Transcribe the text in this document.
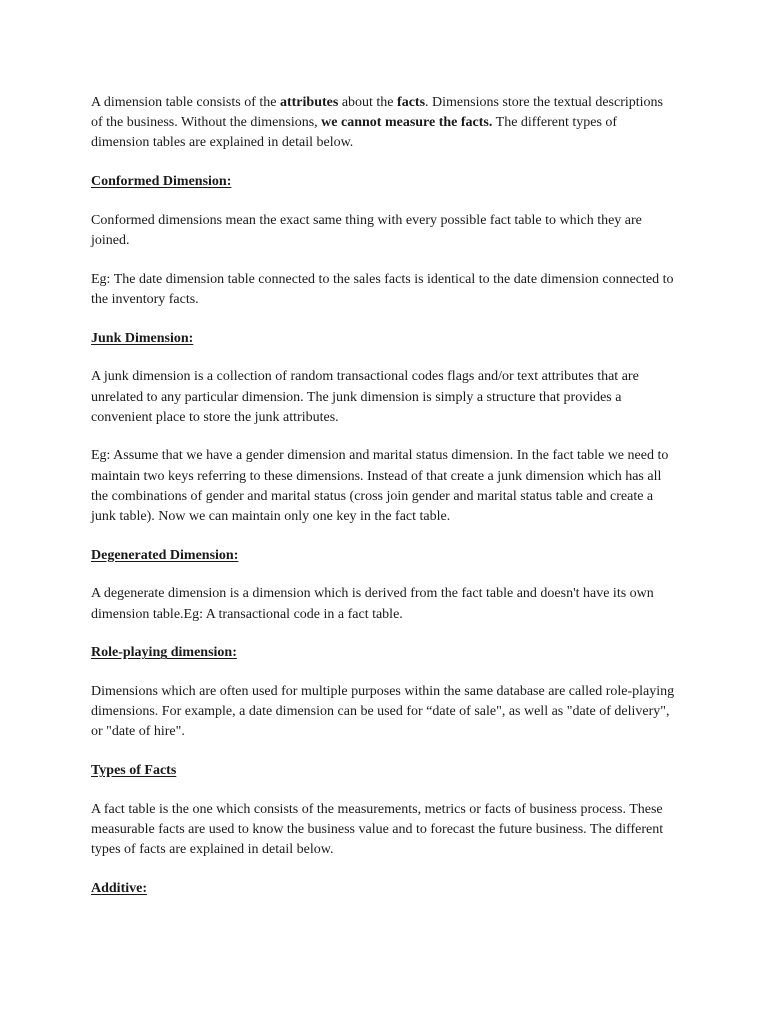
A dimension table consists of the attributes about the facts. Dimensions store the textual descriptions of the business. Without the dimensions, we cannot measure the facts. The different types of dimension tables are explained in detail below.

Conformed Dimension:

Conformed dimensions mean the exact same thing with every possible fact table to which they are joined.

Eg: The date dimension table connected to the sales facts is identical to the date dimension connected to the inventory facts.

Junk Dimension:

A junk dimension is a collection of random transactional codes flags and/or text attributes that are unrelated to any particular dimension. The junk dimension is simply a structure that provides a convenient place to store the junk attributes.

Eg: Assume that we have a gender dimension and marital status dimension. In the fact table we need to maintain two keys referring to these dimensions. Instead of that create a junk dimension which has all the combinations of gender and marital status (cross join gender and marital status table and create a junk table). Now we can maintain only one key in the fact table.

Degenerated Dimension:

A degenerate dimension is a dimension which is derived from the fact table and doesn't have its own dimension table.Eg: A transactional code in a fact table.

Role-playing dimension:

Dimensions which are often used for multiple purposes within the same database are called role-playing dimensions. For example, a date dimension can be used for “date of sale", as well as "date of delivery", or "date of hire".

Types of Facts

A fact table is the one which consists of the measurements, metrics or facts of business process. These measurable facts are used to know the business value and to forecast the future business. The different types of facts are explained in detail below.

Additive:
